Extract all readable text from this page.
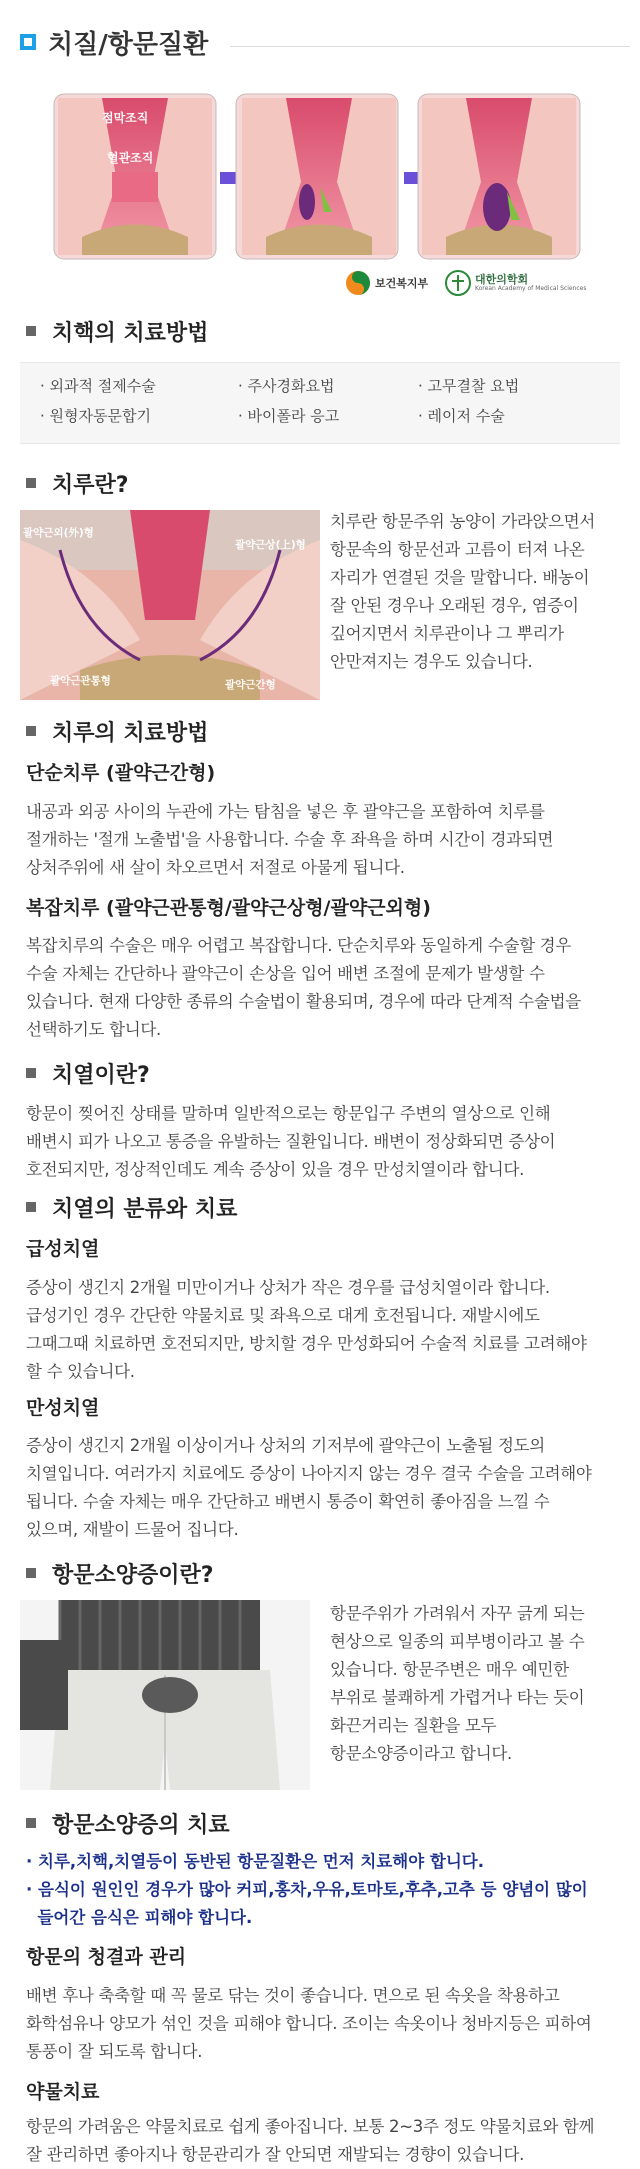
치질/항문질환
점막조직
혈관조직
보건복지부	대한의학회
Korean Academy of Medical Sciences
치핵의 치료방법
· 외과적 절제수술	· 주사경화요법	· 고무결찰 요법
· 원형자동문합기	· 바이폴라 응고	· 레이저 수술
치루란?
괄약근외(外)형
괄약근상(上)형
괄약근관통형	괄약근간형
치루란 항문주위 농양이 가라앉으면서
항문속의 항문선과 고름이 터져 나온
자리가 연결된 것을 말합니다. 배농이
잘 안된 경우나 오래된 경우, 염증이
깊어지면서 치루관이나 그 뿌리가
안만져지는 경우도 있습니다.
치루의 치료방법
단순치루 (괄약근간형)
내공과 외공 사이의 누관에 가는 탐침을 넣은 후 괄약근을 포함하여 치루를
절개하는 '절개 노출법'을 사용합니다. 수술 후 좌욕을 하며 시간이 경과되면
상처주위에 새 살이 차오르면서 저절로 아물게 됩니다.
복잡치루 (괄약근관통형/괄약근상형/괄약근외형)
복잡치루의 수술은 매우 어렵고 복잡합니다. 단순치루와 동일하게 수술할 경우
수술 자체는 간단하나 괄약근이 손상을 입어 배변 조절에 문제가 발생할 수
있습니다. 현재 다양한 종류의 수술법이 활용되며, 경우에 따라 단계적 수술법을
선택하기도 합니다.
치열이란?
항문이 찢어진 상태를 말하며 일반적으로는 항문입구 주변의 열상으로 인해
배변시 피가 나오고 통증을 유발하는 질환입니다. 배변이 정상화되면 증상이
호전되지만, 정상적인데도 계속 증상이 있을 경우 만성치열이라 합니다.
치열의 분류와 치료
급성치열
증상이 생긴지 2개월 미만이거나 상처가 작은 경우를 급성치열이라 합니다.
급성기인 경우 간단한 약물치료 및 좌욕으로 대게 호전됩니다. 재발시에도
그때그때 치료하면 호전되지만, 방치할 경우 만성화되어 수술적 치료를 고려해야
할 수 있습니다.
만성치열
증상이 생긴지 2개월 이상이거나 상처의 기저부에 괄약근이 노출될 정도의
치열입니다. 여러가지 치료에도 증상이 나아지지 않는 경우 결국 수술을 고려해야
됩니다. 수술 자체는 매우 간단하고 배변시 통증이 확연히 좋아짐을 느낄 수
있으며, 재발이 드물어 집니다.
항문소양증이란?
항문주위가 가려워서 자꾸 긁게 되는
현상으로 일종의 피부병이라고 볼 수
있습니다. 항문주변은 매우 예민한
부위로 불쾌하게 가렵거나 타는 듯이
화끈거리는 질환을 모두
항문소양증이라고 합니다.
항문소양증의 치료
· 치루,치핵,치열등이 동반된 항문질환은 먼저 치료해야 합니다.
· 음식이 원인인 경우가 많아 커피,홍차,우유,토마토,후추,고추 등 양념이 많이
들어간 음식은 피해야 합니다.
항문의 청결과 관리
배변 후나 축축할 때 꼭 물로 닦는 것이 좋습니다. 면으로 된 속옷을 착용하고
화학섬유나 양모가 섞인 것을 피해야 합니다. 조이는 속옷이나 청바지등은 피하여
통풍이 잘 되도록 합니다.
약물치료
항문의 가려움은 약물치료로 쉽게 좋아집니다. 보통 2~3주 정도 약물치료와 함께
잘 관리하면 좋아지나 항문관리가 잘 안되면 재발되는 경향이 있습니다.
